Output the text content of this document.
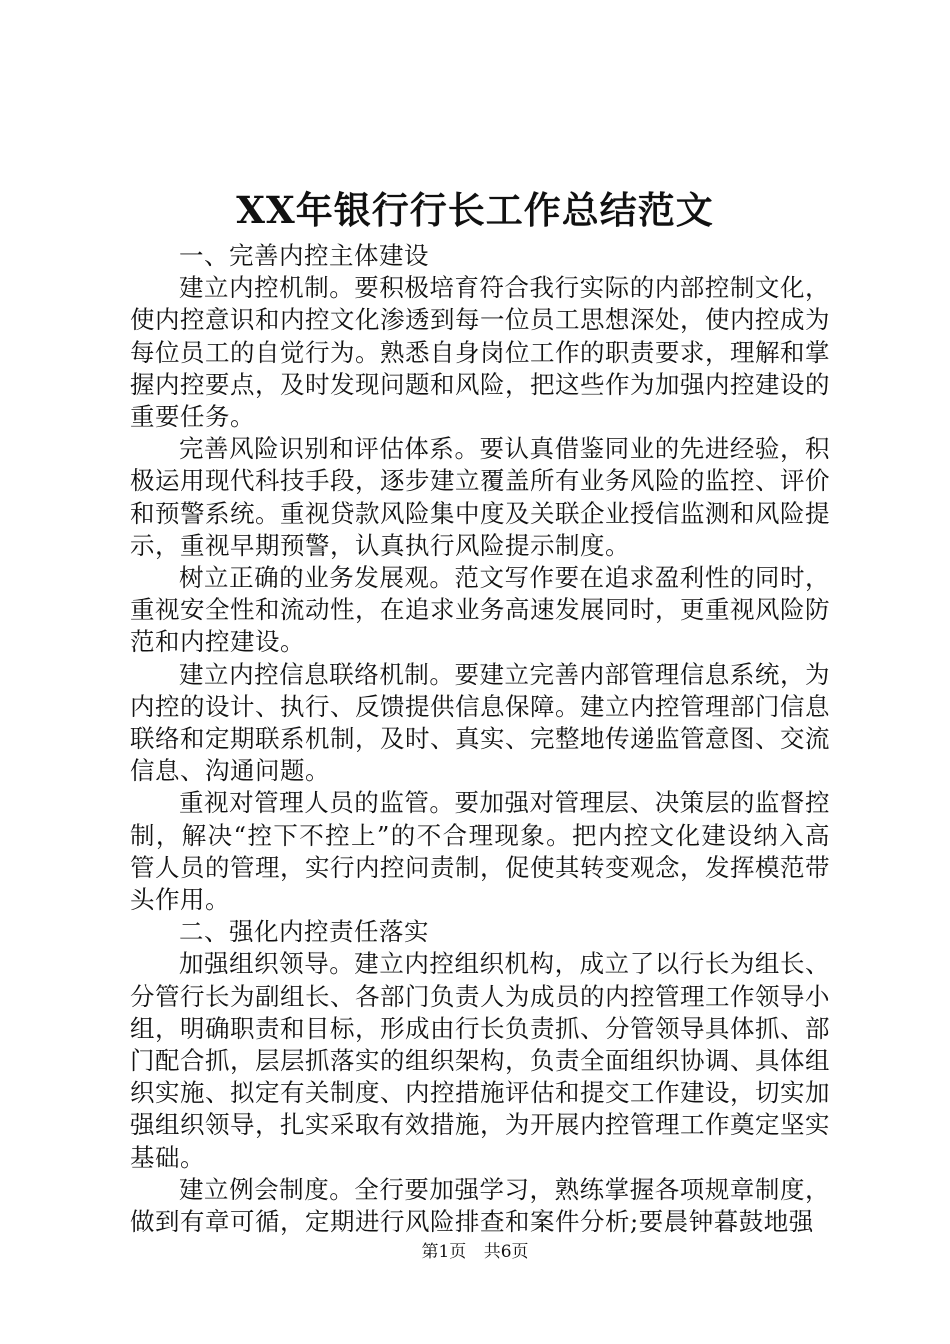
XX年银行行长工作总结范文

一、完善内控主体建设

建立内控机制。要积极培育符合我行实际的内部控制文化，使内控意识和内控文化渗透到每一位员工思想深处，使内控成为每位员工的自觉行为。熟悉自身岗位工作的职责要求，理解和掌握内控要点，及时发现问题和风险，把这些作为加强内控建设的重要任务。

完善风险识别和评估体系。要认真借鉴同业的先进经验，积极运用现代科技手段，逐步建立覆盖所有业务风险的监控、评价和预警系统。重视贷款风险集中度及关联企业授信监测和风险提示，重视早期预警，认真执行风险提示制度。

树立正确的业务发展观。范文写作要在追求盈利性的同时，重视安全性和流动性，在追求业务高速发展同时，更重视风险防范和内控建设。

建立内控信息联络机制。要建立完善内部管理信息系统，为内控的设计、执行、反馈提供信息保障。建立内控管理部门信息联络和定期联系机制，及时、真实、完整地传递监管意图、交流信息、沟通问题。

重视对管理人员的监管。要加强对管理层、决策层的监督控制，解决“控下不控上”的不合理现象。把内控文化建设纳入高管人员的管理，实行内控问责制，促使其转变观念，发挥模范带头作用。

二、强化内控责任落实

加强组织领导。建立内控组织机构，成立了以行长为组长、分管行长为副组长、各部门负责人为成员的内控管理工作领导小组，明确职责和目标，形成由行长负责抓、分管领导具体抓、部门配合抓，层层抓落实的组织架构，负责全面组织协调、具体组织实施、拟定有关制度、内控措施评估和提交工作建设，切实加强组织领导，扎实采取有效措施，为开展内控管理工作奠定坚实基础。

建立例会制度。全行要加强学习，熟练掌握各项规章制度，做到有章可循，定期进行风险排查和案件分析;要晨钟暮鼓地强

第1页 共6页
